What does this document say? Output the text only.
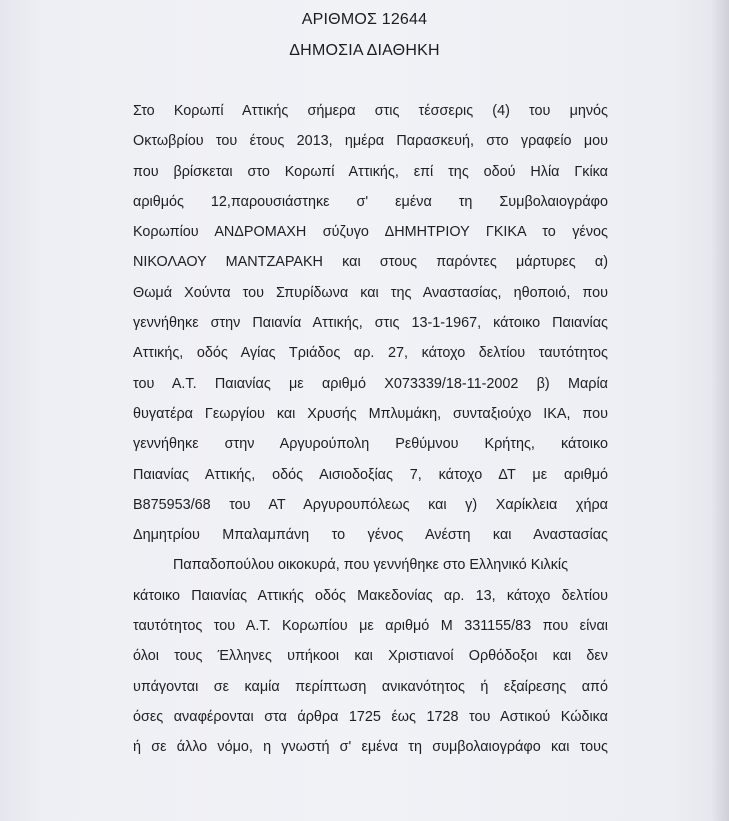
ΑΡΙΘΜΟΣ 12644
ΔΗΜΟΣΙΑ ΔΙΑΘΗΚΗ
Στο Κορωπί Αττικής σήμερα στις τέσσερις (4) του μηνός
Οκτωβρίου του έτους 2013, ημέρα Παρασκευή, στο γραφείο μου
που βρίσκεται στο Κορωπί Αττικής, επί της οδού Ηλία Γκίκα
αριθμός 12,παρουσιάστηκε σ' εμένα τη Συμβολαιογράφο
Κορωπίου ΑΝΔΡΟΜΑΧΗ σύζυγο ΔΗΜΗΤΡΙΟΥ ΓΚΙΚΑ το γένος
ΝΙΚΟΛΑΟΥ ΜΑΝΤΖΑΡΑΚΗ και στους παρόντες μάρτυρες α)
Θωμά Χούντα του Σπυρίδωνα και της Αναστασίας, ηθοποιό, που
γεννήθηκε στην Παιανία Αττικής, στις 13-1-1967, κάτοικο Παιανίας
Αττικής, οδός Αγίας Τριάδος αρ. 27, κάτοχο δελτίου ταυτότητος
του Α.Τ. Παιανίας με αριθμό Χ073339/18-11-2002 β) Μαρία
θυγατέρα Γεωργίου και Χρυσής Μπλυμάκη, συνταξιούχο ΙΚΑ, που
γεννήθηκε στην Αργυρούπολη Ρεθύμνου Κρήτης, κάτοικο
Παιανίας Αττικής, οδός Αισιοδοξίας 7, κάτοχο ΔΤ με αριθμό
Β875953/68 του ΑΤ Αργυρουπόλεως και γ) Χαρίκλεια χήρα
Δημητρίου Μπαλαμπάνη το γένος Ανέστη και Αναστασίας
Παπαδοπούλου οικοκυρά, που γεννήθηκε στο Ελληνικό Κιλκίς
κάτοικο Παιανίας Αττικής οδός Μακεδονίας αρ. 13, κάτοχο δελτίου
ταυτότητος του Α.Τ. Κορωπίου με αριθμό Μ 331155/83 που είναι
όλοι τους Έλληνες υπήκοοι και Χριστιανοί Ορθόδοξοι και δεν
υπάγονται σε καμία περίπτωση ανικανότητος ή εξαίρεσης από
όσες αναφέρονται στα άρθρα 1725 έως 1728 του Αστικού Κώδικα
ή σε άλλο νόμο, η γνωστή σ' εμένα τη συμβολαιογράφο και τους
